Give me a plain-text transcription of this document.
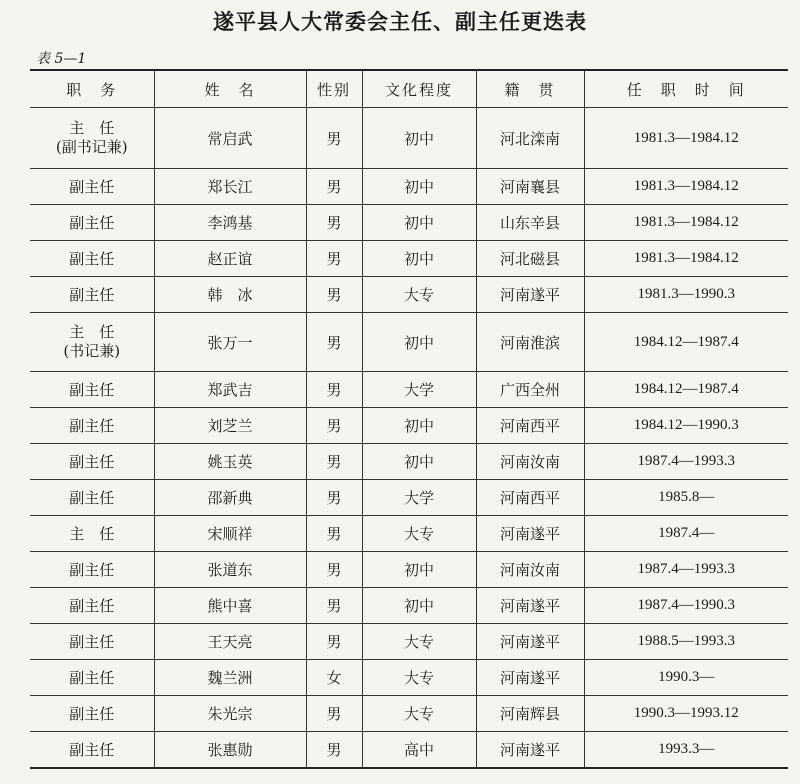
遂平县人大常委会主任、副主任更迭表
表 5—1
职　务	姓　名	性别	文化程度	籍　贯	任　职　时　间

主　任
(副书记兼)	常启武	男	初中	河北滦南	1981.3—1984.12
副主任	郑长江	男	初中	河南襄县	1981.3—1984.12
副主任	李鸿基	男	初中	山东辛县	1981.3—1984.12
副主任	赵正谊	男	初中	河北磁县	1981.3—1984.12
副主任	韩　冰	男	大专	河南遂平	1981.3—1990.3

主　任
(书记兼)	张万一	男	初中	河南淮滨	1984.12—1987.4
副主任	郑武吉	男	大学	广西全州	1984.12—1987.4
副主任	刘芝兰	男	初中	河南西平	1984.12—1990.3
副主任	姚玉英	男	初中	河南汝南	1987.4—1993.3
副主任	邵新典	男	大学	河南西平	1985.8—
主　任	宋顺祥	男	大专	河南遂平	1987.4—
副主任	张道东	男	初中	河南汝南	1987.4—1993.3
副主任	熊中喜	男	初中	河南遂平	1987.4—1990.3
副主任	王天亮	男	大专	河南遂平	1988.5—1993.3
副主任	魏兰洲	女	大专	河南遂平	1990.3—
副主任	朱光宗	男	大专	河南辉县	1990.3—1993.12
副主任	张惠勋	男	高中	河南遂平	1993.3—
